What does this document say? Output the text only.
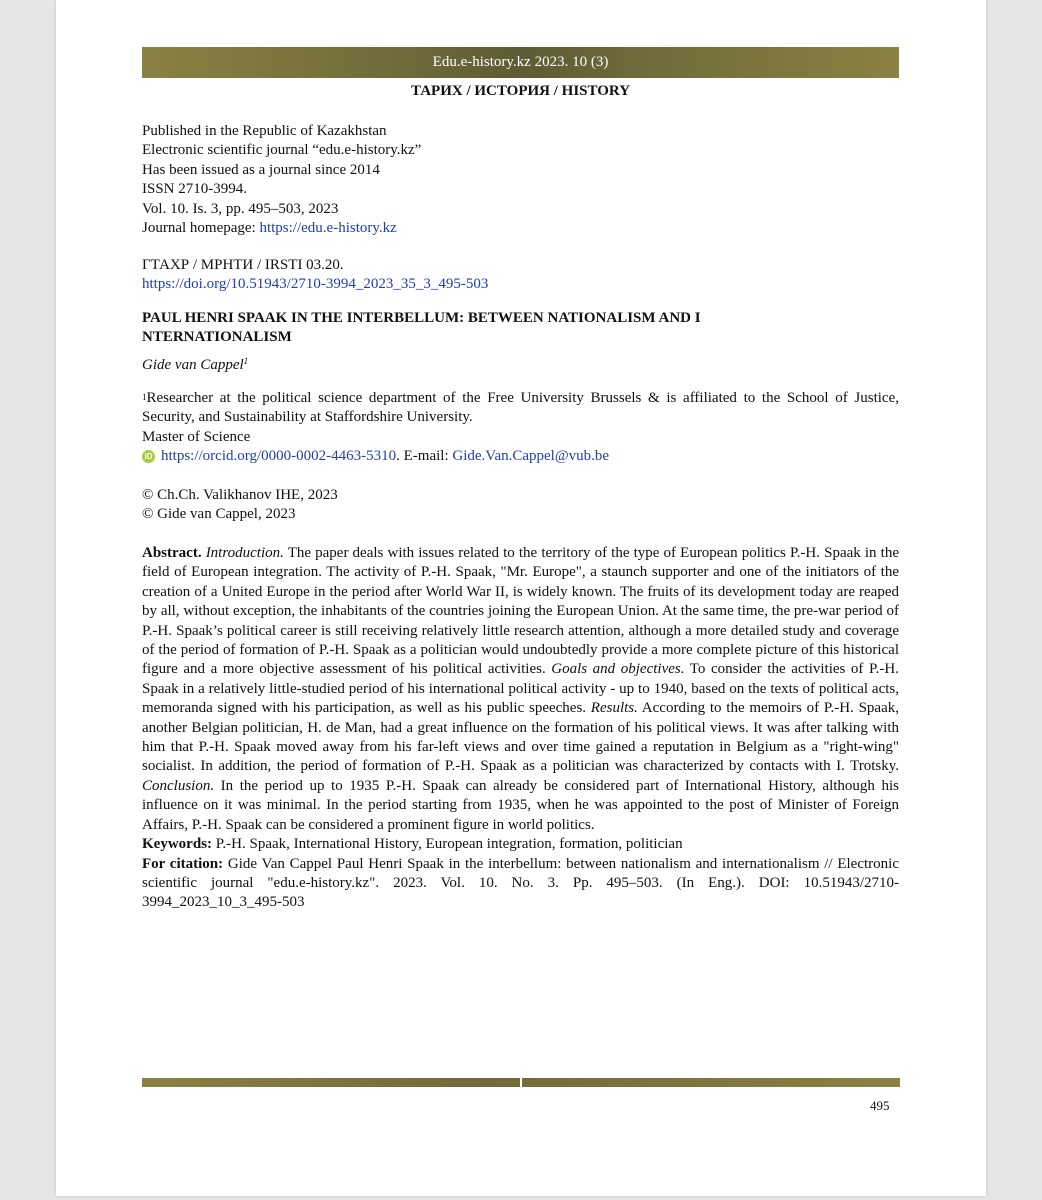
Edu.e-history.kz 2023. 10 (3)
ТАРИХ / ИСТОРИЯ / HISTORY
Published in the Republic of Kazakhstan
Electronic scientific journal “edu.e-history.kz”
Has been issued as a journal since 2014
ISSN 2710-3994.
Vol. 10. Is. 3, pp. 495–503, 2023
Journal homepage: https://edu.e-history.kz
ГТАХР / МРНТИ / IRSTI 03.20.
https://doi.org/10.51943/2710-3994_2023_35_3_495-503
PAUL HENRI SPAAK IN THE INTERBELLUM: BETWEEN NATIONALISM AND I
NTERNATIONALISM
Gide van Cappel$^1$
$^1$Researcher at the political science department of the Free University Brussels & is affiliated to the School of Justice, Security, and Sustainability at Staffordshire University.
Master of Science
iD https://orcid.org/0000-0002-4463-5310. E-mail: Gide.Van.Cappel@vub.be
© Ch.Ch. Valikhanov IHE, 2023
© Gide van Cappel, 2023

Abstract. Introduction. The paper deals with issues related to the territory of the type of European politics P.-H. Spaak in the field of European integration. The activity of P.-H. Spaak, "Mr. Europe", a staunch supporter and one of the initiators of the creation of a United Europe in the period after World War II, is widely known. The fruits of its development today are reaped by all, without exception, the inhabitants of the countries joining the European Union. At the same time, the pre-war period of P.-H. Spaak’s political career is still receiving relatively little research attention, although a more detailed study and coverage of the period of formation of P.-H. Spaak as a politician would undoubtedly provide a more complete picture of this historical figure and a more objective assessment of his political activities. Goals and objectives. To consider the activities of P.-H. Spaak in a relatively little-studied period of his international political activity - up to 1940, based on the texts of political acts, memoranda signed with his participation, as well as his public speeches. Results. According to the memoirs of P.-H. Spaak, another Belgian politician, H. de Man, had a great influence on the formation of his political views. It was after talking with him that P.-H. Spaak moved away from his far-left views and over time gained a reputation in Belgium as a "right-wing" socialist. In addition, the period of formation of P.-H. Spaak as a politician was characterized by contacts with I. Trotsky. Conclusion. In the period up to 1935 P.-H. Spaak can already be considered part of International History, although his influence on it was minimal. In the period starting from 1935, when he was appointed to the post of Minister of Foreign Affairs, P.-H. Spaak can be considered a prominent figure in world politics.

Keywords: P.-H. Spaak, International History, European integration, formation, politician

For citation: Gide Van Cappel Paul Henri Spaak in the interbellum: between nationalism and internationalism // Electronic scientific journal "edu.e-history.kz". 2023. Vol. 10. No. 3. Pp. 495–503. (In Eng.). DOI: 10.51943/2710-3994_2023_10_3_495-503

495
